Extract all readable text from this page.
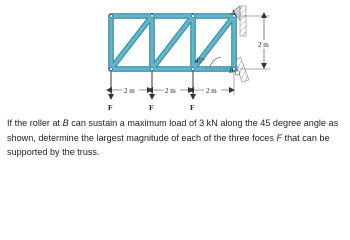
45°
A
B
2 m
2 m	2 m	2 m
F	F	F

If the roller at B can sustain a maximum load of 3 kN along the 45 degree angle as shown, determine the largest magnitude of each of the three foces F that can be supported by the truss.
